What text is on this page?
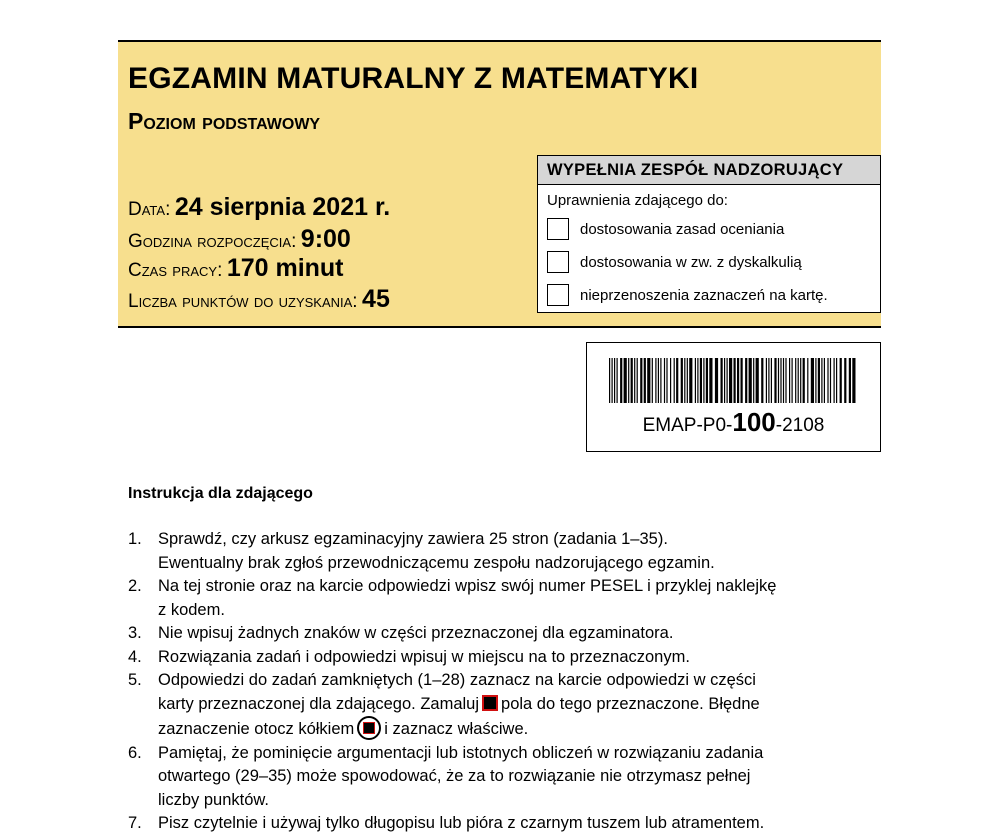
EGZAMIN MATURALNY Z MATEMATYKI
Poziom podstawowy
Data: 24 sierpnia 2021 r.
Godzina rozpoczęcia: 9:00
Czas pracy: 170 minut
Liczba punktów do uzyskania: 45
WYPEŁNIA ZESPÓŁ NADZORUJĄCY
Uprawnienia zdającego do:
dostosowania zasad oceniania
dostosowania w zw. z dyskalkulią
nieprzenoszenia zaznaczeń na kartę.
EMAP-P0-100-2108
Instrukcja dla zdającego
1. Sprawdź, czy arkusz egzaminacyjny zawiera 25 stron (zadania 1–35).
Ewentualny brak zgłoś przewodniczącemu zespołu nadzorującego egzamin.
2. Na tej stronie oraz na karcie odpowiedzi wpisz swój numer PESEL i przyklej naklejkę
z kodem.
3. Nie wpisuj żadnych znaków w części przeznaczonej dla egzaminatora.
4. Rozwiązania zadań i odpowiedzi wpisuj w miejscu na to przeznaczonym.
5. Odpowiedzi do zadań zamkniętych (1–28) zaznacz na karcie odpowiedzi w części
karty przeznaczonej dla zdającego. Zamaluj pola do tego przeznaczone. Błędne
zaznaczenie otocz kółkiem i zaznacz właściwe.
6. Pamiętaj, że pominięcie argumentacji lub istotnych obliczeń w rozwiązaniu zadania
otwartego (29–35) może spowodować, że za to rozwiązanie nie otrzymasz pełnej
liczby punktów.
7. Pisz czytelnie i używaj tylko długopisu lub pióra z czarnym tuszem lub atramentem.
